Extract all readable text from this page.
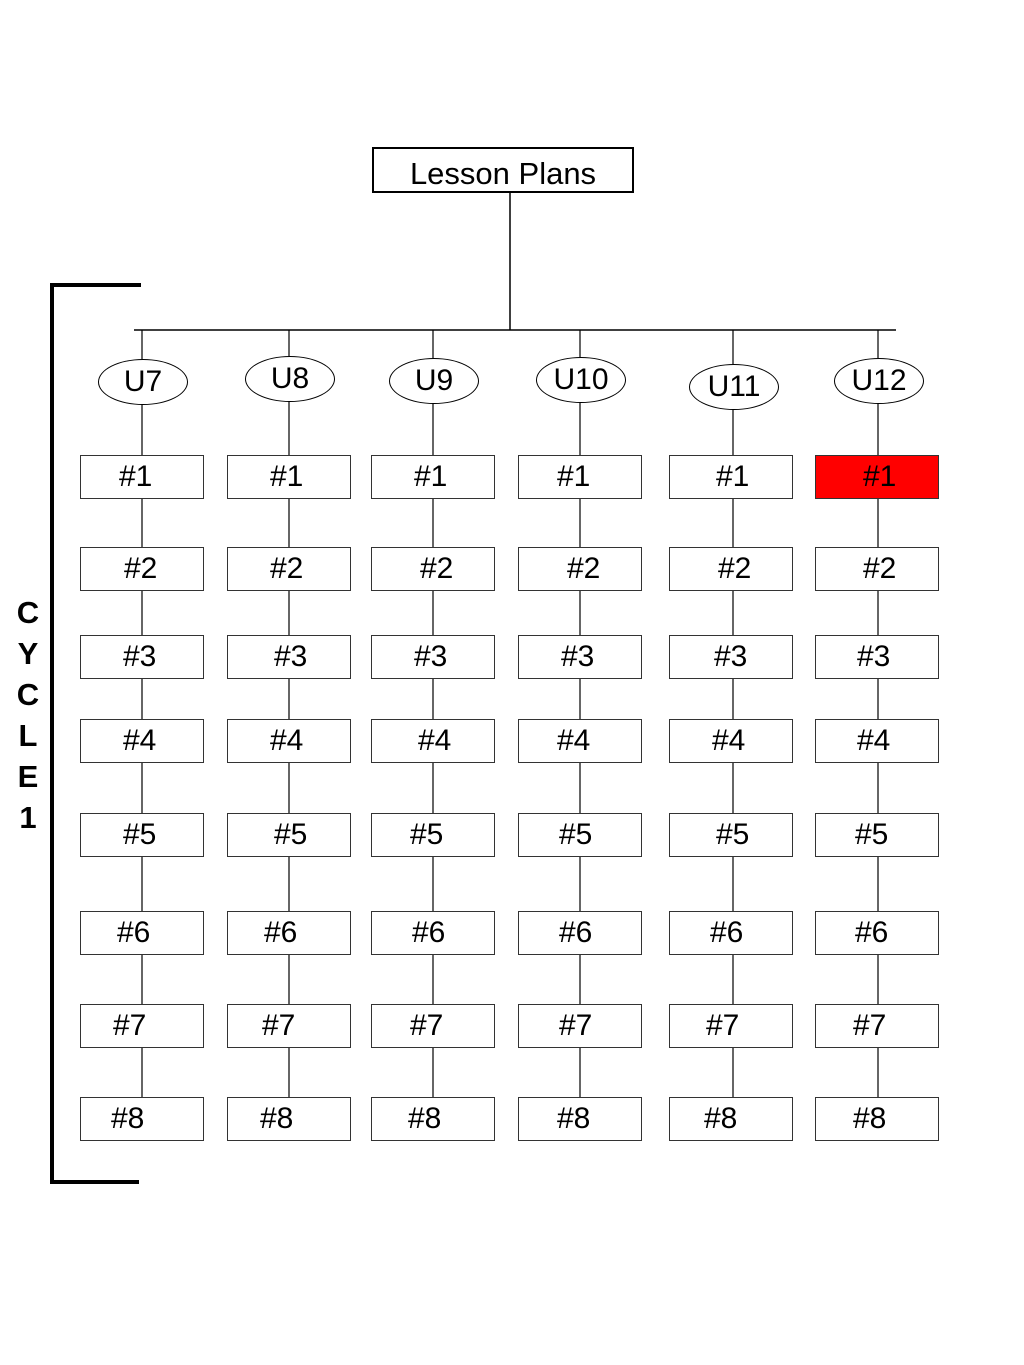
Lesson Plans
U7
#1
#2
#3
#4
#5
#6
#7
#8
U8
#1
#2
#3
#4
#5
#6
#7
#8
U9
#1
#2
#3
#4
#5
#6
#7
#8
U10
#1
#2
#3
#4
#5
#6
#7
#8
U11
#1
#2
#3
#4
#5
#6
#7
#8
U12
#1
#2
#3
#4
#5
#6
#7
#8
C
Y
C
L
E
1
